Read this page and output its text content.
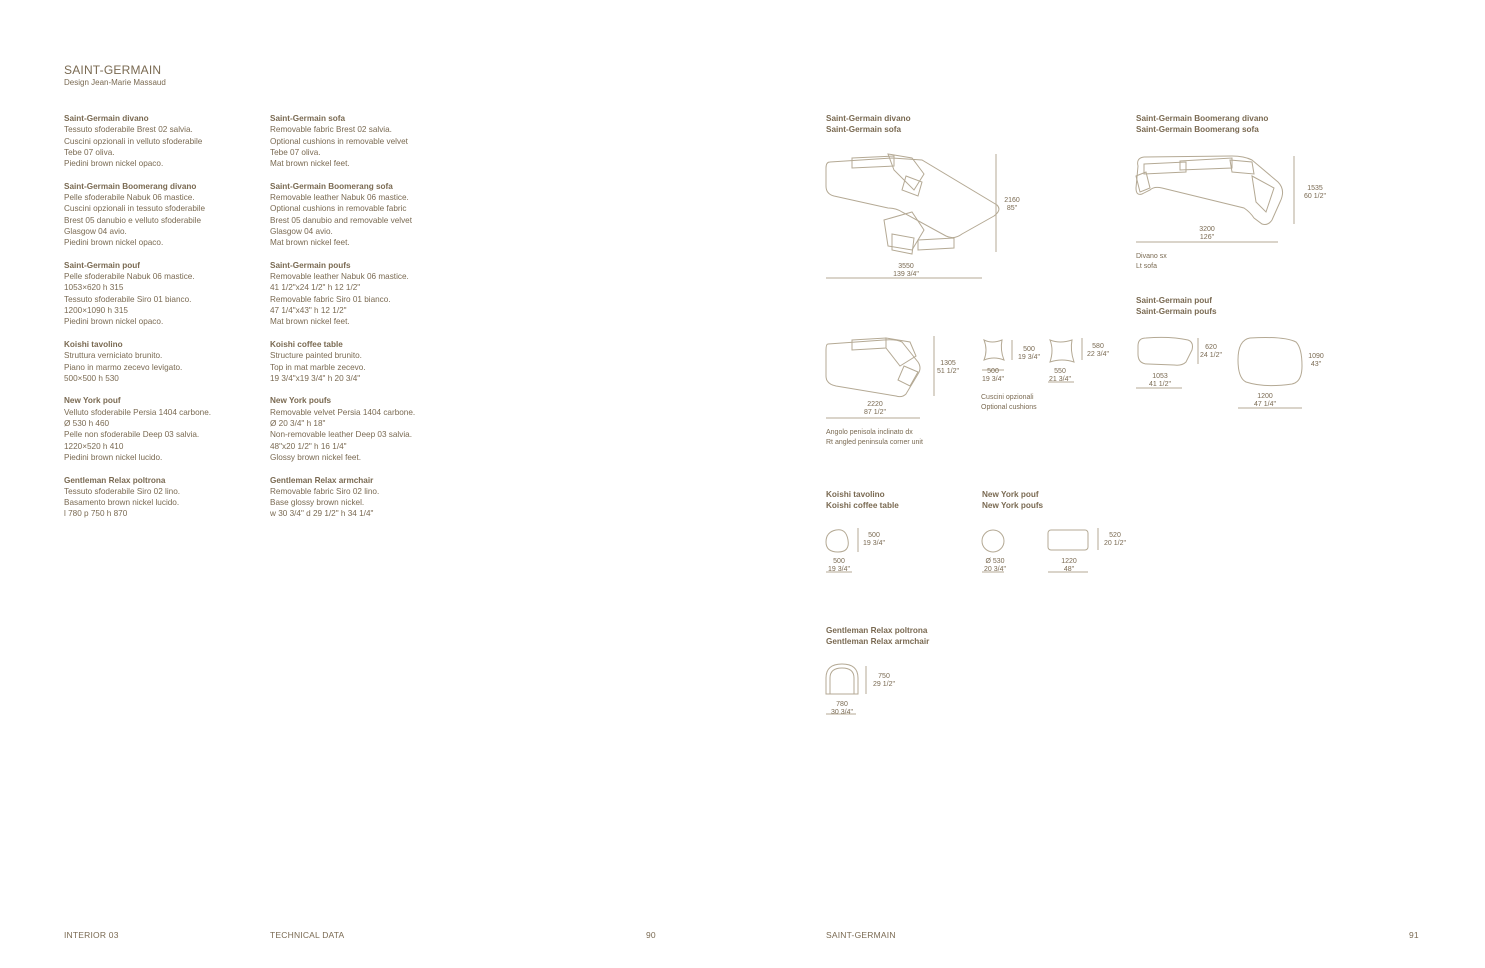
SAINT-GERMAIN
Design Jean-Marie Massaud
Saint-Germain divano
Tessuto sfoderabile Brest 02 salvia.
Cuscini opzionali in velluto sfoderabile
Tebe 07 oliva.
Piedini brown nickel opaco.
Saint-Germain Boomerang divano
Pelle sfoderabile Nabuk 06 mastice.
Cuscini opzionali in tessuto sfoderabile
Brest 05 danubio e velluto sfoderabile
Glasgow 04 avio.
Piedini brown nickel opaco.
Saint-Germain pouf
Pelle sfoderabile Nabuk 06 mastice.
1053×620 h 315
Tessuto sfoderabile Siro 01 bianco.
1200×1090 h 315
Piedini brown nickel opaco.
Koishi tavolino
Struttura verniciato brunito.
Piano in marmo zecevo levigato.
500×500 h 530
New York pouf
Velluto sfoderabile Persia 1404 carbone.
Ø 530 h 460
Pelle non sfoderabile Deep 03 salvia.
1220×520 h 410
Piedini brown nickel lucido.
Gentleman Relax poltrona
Tessuto sfoderabile Siro 02 lino.
Basamento brown nickel lucido.
l 780 p 750 h 870
Saint-Germain sofa
Removable fabric Brest 02 salvia.
Optional cushions in removable velvet
Tebe 07 oliva.
Mat brown nickel feet.
Saint-Germain Boomerang sofa
Removable leather Nabuk 06 mastice.
Optional cushions in removable fabric
Brest 05 danubio and removable velvet
Glasgow 04 avio.
Mat brown nickel feet.
Saint-Germain poufs
Removable leather Nabuk 06 mastice.
41 1/2"x24 1/2" h 12 1/2"
Removable fabric Siro 01 bianco.
47 1/4"x43" h 12 1/2"
Mat brown nickel feet.
Koishi coffee table
Structure painted brunito.
Top in mat marble zecevo.
19 3/4"x19 3/4" h 20 3/4"
New York poufs
Removable velvet Persia 1404 carbone.
Ø 20 3/4" h 18"
Non-removable leather Deep 03 salvia.
48"x20 1/2" h 16 1/4"
Glossy brown nickel feet.
Gentleman Relax armchair
Removable fabric Siro 02 lino.
Base glossy brown nickel.
w 30 3/4" d 29 1/2" h 34 1/4"
Saint-Germain divano
Saint-Germain sofa
2160
85"
3550
139 3/4"
Saint-Germain Boomerang divano
Saint-Germain Boomerang sofa
1535
60 1/2"
3200
126"
Divano sx
Lt sofa
1305
51 1/2"
2220
87 1/2"
Angolo penisola inclinato dx
Rt angled peninsula corner unit
500
19 3/4"
500
19 3/4"
580
22 3/4"
550
21 3/4"
Cuscini opzionali
Optional cushions
Saint-Germain pouf
Saint-Germain poufs
620
24 1/2"
1053
41 1/2"
1090
43"
1200
47 1/4"
Koishi tavolino
Koishi coffee table
500
19 3/4"
500
19 3/4"
New York pouf
New York poufs
Ø 530
20 3/4"
520
20 1/2"
1220
48"
Gentleman Relax poltrona
Gentleman Relax armchair
750
29 1/2"
780
30 3/4"
INTERIOR 03	TECHNICAL DATA	90	SAINT-GERMAIN	91
